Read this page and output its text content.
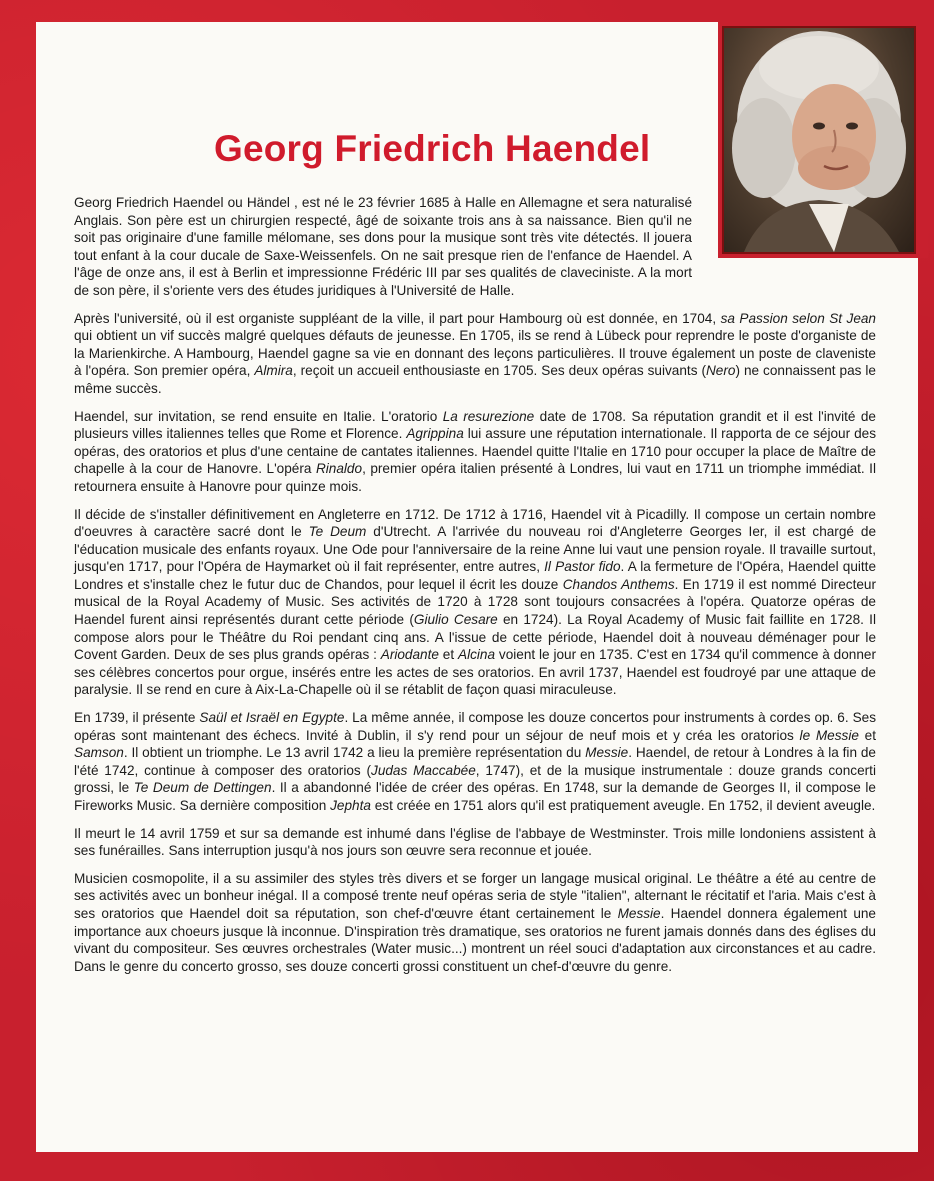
Georg Friedrich Haendel

Georg Friedrich Haendel ou Händel , est né le 23 février 1685 à Halle en Allemagne et sera naturalisé Anglais. Son père est un chirurgien respecté, âgé de soixante trois ans à sa naissance. Bien qu'il ne soit pas originaire d'une famille mélomane, ses dons pour la musique sont très vite détectés. Il jouera tout enfant à la cour ducale de Saxe-Weissenfels. On ne sait presque rien de l'enfance de Haendel. A l'âge de onze ans, il est à Berlin et impressionne Frédéric III par ses qualités de claveciniste. A la mort de son père, il s'oriente vers des études juridiques à l'Université de Halle.

Après l'université, où il est organiste suppléant de la ville, il part pour Hambourg où est donnée, en 1704, sa Passion selon St Jean qui obtient un vif succès malgré quelques défauts de jeunesse. En 1705, ils se rend à Lübeck pour reprendre le poste d'organiste de la Marienkirche. A Hambourg, Haendel gagne sa vie en donnant des leçons particulières. Il trouve également un poste de claveniste à l'opéra. Son premier opéra, Almira, reçoit un accueil enthousiaste en 1705. Ses deux opéras suivants (Nero) ne connaissent pas le même succès.

Haendel, sur invitation, se rend ensuite en Italie. L'oratorio La resurezione date de 1708. Sa réputation grandit et il est l'invité de plusieurs villes italiennes telles que Rome et Florence. Agrippina lui assure une réputation internationale. Il rapporta de ce séjour des opéras, des oratorios et plus d'une centaine de cantates italiennes. Haendel quitte l'Italie en 1710 pour occuper la place de Maître de chapelle à la cour de Hanovre. L'opéra Rinaldo, premier opéra italien présenté à Londres, lui vaut en 1711 un triomphe immédiat. Il retournera ensuite à Hanovre pour quinze mois.

Il décide de s'installer définitivement en Angleterre en 1712. De 1712 à 1716, Haendel vit à Picadilly. Il compose un certain nombre d'oeuvres à caractère sacré dont le Te Deum d'Utrecht. A l'arrivée du nouveau roi d'Angleterre Georges Ier, il est chargé de l'éducation musicale des enfants royaux. Une Ode pour l'anniversaire de la reine Anne lui vaut une pension royale. Il travaille surtout, jusqu'en 1717, pour l'Opéra de Haymarket où il fait représenter, entre autres, Il Pastor fido. A la fermeture de l'Opéra, Haendel quitte Londres et s'installe chez le futur duc de Chandos, pour lequel il écrit les douze Chandos Anthems. En 1719 il est nommé Directeur musical de la Royal Academy of Music. Ses activités de 1720 à 1728 sont toujours consacrées à l'opéra. Quatorze opéras de Haendel furent ainsi représentés durant cette période (Giulio Cesare en 1724). La Royal Academy of Music fait faillite en 1728. Il compose alors pour le Théâtre du Roi pendant cinq ans. A l'issue de cette période, Haendel doit à nouveau déménager pour le Covent Garden. Deux de ses plus grands opéras : Ariodante et Alcina voient le jour en 1735. C'est en 1734 qu'il commence à donner ses célèbres concertos pour orgue, insérés entre les actes de ses oratorios. En avril 1737, Haendel est foudroyé par une attaque de paralysie. Il se rend en cure à Aix-La-Chapelle où il se rétablit de façon quasi miraculeuse.

En 1739, il présente Saül et Israël en Egypte. La même année, il compose les douze concertos pour instruments à cordes op. 6. Ses opéras sont maintenant des échecs. Invité à Dublin, il s'y rend pour un séjour de neuf mois et y créa les oratorios le Messie et Samson. Il obtient un triomphe. Le 13 avril 1742 a lieu la première représentation du Messie. Haendel, de retour à Londres à la fin de l'été 1742, continue à composer des oratorios (Judas Maccabée, 1747), et de la musique instrumentale : douze grands concerti grossi, le Te Deum de Dettingen. Il a abandonné l'idée de créer des opéras. En 1748, sur la demande de Georges II, il compose le Fireworks Music. Sa dernière composition Jephta est créée en 1751 alors qu'il est pratiquement aveugle. En 1752, il devient aveugle.

Il meurt le 14 avril 1759 et sur sa demande est inhumé dans l'église de l'abbaye de Westminster. Trois mille londoniens assistent à ses funérailles. Sans interruption jusqu'à nos jours son œuvre sera reconnue et jouée.

Musicien cosmopolite, il a su assimiler des styles très divers et se forger un langage musical original. Le théâtre a été au centre de ses activités avec un bonheur inégal. Il a composé trente neuf opéras seria de style "italien", alternant le récitatif et l'aria. Mais c'est à ses oratorios que Haendel doit sa réputation, son chef-d'œuvre étant certainement le Messie. Haendel donnera également une importance aux choeurs jusque là inconnue. D'inspiration très dramatique, ses oratorios ne furent jamais donnés dans des églises du vivant du compositeur. Ses œuvres orchestrales (Water music...) montrent un réel souci d'adaptation aux circonstances et au cadre. Dans le genre du concerto grosso, ses douze concerti grossi constituent un chef-d'œuvre du genre.
